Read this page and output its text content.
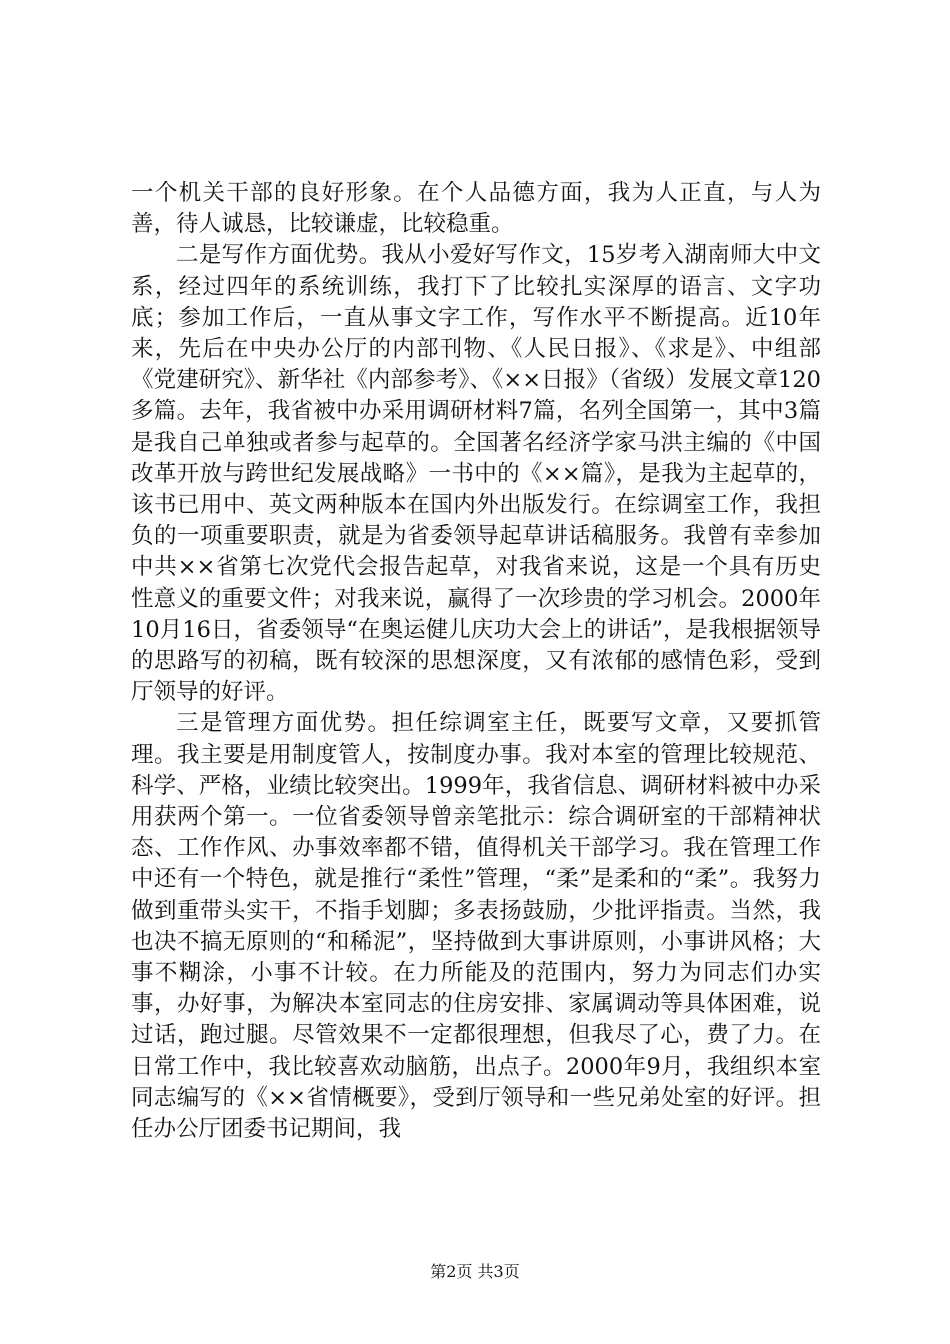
一个机关干部的良好形象。在个人品德方面，我为人正直，与人为善，待人诚恳，比较谦虚，比较稳重。

二是写作方面优势。我从小爱好写作文，15岁考入湖南师大中文系，经过四年的系统训练，我打下了比较扎实深厚的语言、文字功底；参加工作后，一直从事文字工作，写作水平不断提高。近10年来，先后在中央办公厅的内部刊物、《人民日报》、《求是》、中组部《党建研究》、新华社《内部参考》、《××日报》（省级）发展文章120多篇。去年，我省被中办采用调研材料7篇，名列全国第一，其中3篇是我自己单独或者参与起草的。全国著名经济学家马洪主编的《中国改革开放与跨世纪发展战略》一书中的《××篇》，是我为主起草的，该书已用中、英文两种版本在国内外出版发行。在综调室工作，我担负的一项重要职责，就是为省委领导起草讲话稿服务。我曾有幸参加中共××省第七次党代会报告起草，对我省来说，这是一个具有历史性意义的重要文件；对我来说，赢得了一次珍贵的学习机会。2000年10月16日，省委领导“在奥运健儿庆功大会上的讲话”，是我根据领导的思路写的初稿，既有较深的思想深度，又有浓郁的感情色彩，受到厅领导的好评。

三是管理方面优势。担任综调室主任，既要写文章，又要抓管理。我主要是用制度管人，按制度办事。我对本室的管理比较规范、科学、严格，业绩比较突出。1999年，我省信息、调研材料被中办采用获两个第一。一位省委领导曾亲笔批示：综合调研室的干部精神状态、工作作风、办事效率都不错，值得机关干部学习。我在管理工作中还有一个特色，就是推行“柔性”管理，“柔”是柔和的“柔”。我努力做到重带头实干，不指手划脚；多表扬鼓励，少批评指责。当然，我也决不搞无原则的“和稀泥”，坚持做到大事讲原则，小事讲风格；大事不糊涂，小事不计较。在力所能及的范围内，努力为同志们办实事，办好事，为解决本室同志的住房安排、家属调动等具体困难，说过话，跑过腿。尽管效果不一定都很理想，但我尽了心，费了力。在日常工作中，我比较喜欢动脑筋，出点子。2000年9月，我组织本室同志编写的《××省情概要》，受到厅领导和一些兄弟处室的好评。担任办公厅团委书记期间，我

第2页 共3页
